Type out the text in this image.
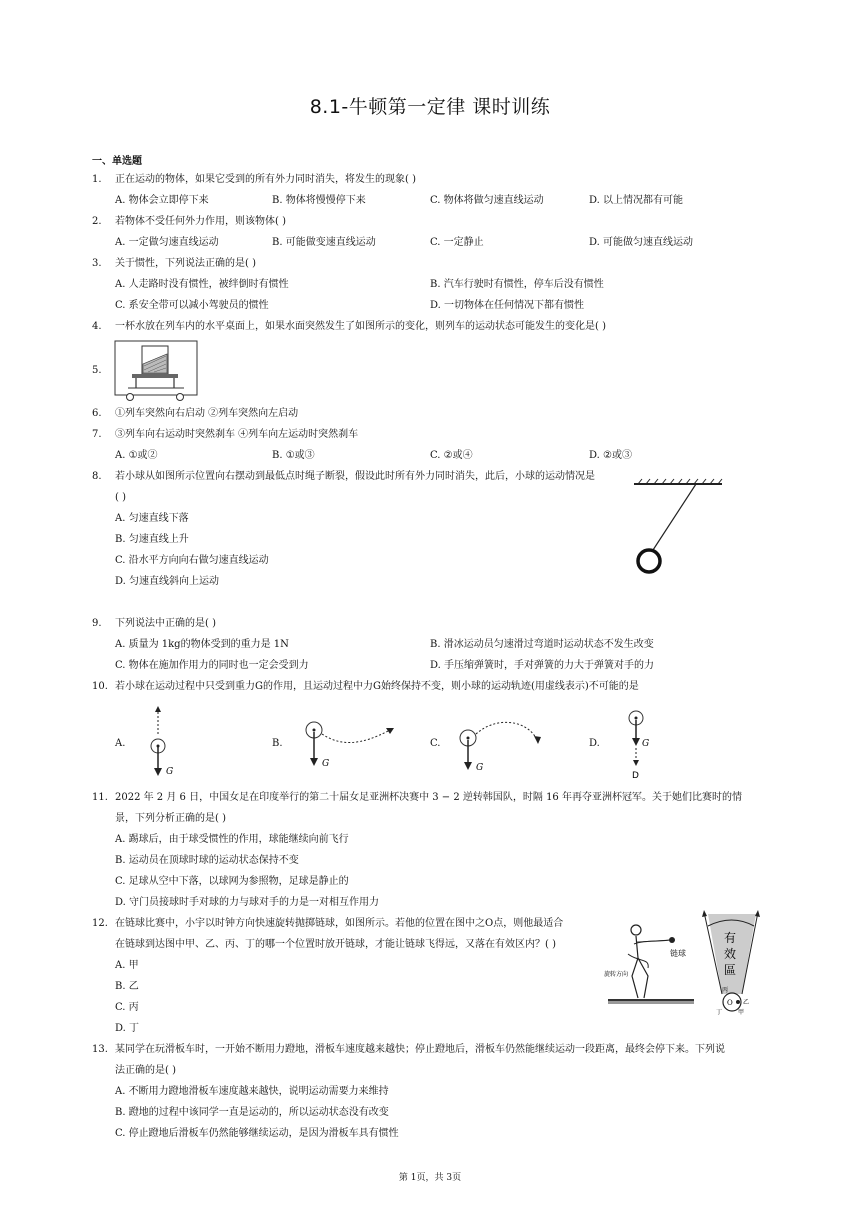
8.1-牛顿第一定律 课时训练
一、单选题
1. 正在运动的物体，如果它受到的所有外力同时消失，将发生的现象( )
A. 物体会立即停下来	B. 物体将慢慢停下来	C. 物体将做匀速直线运动	D. 以上情况都有可能
2. 若物体不受任何外力作用，则该物体( )
A. 一定做匀速直线运动	B. 可能做变速直线运动	C. 一定静止	D. 可能做匀速直线运动
3. 关于惯性，下列说法正确的是( )
A. 人走路时没有惯性，被绊倒时有惯性	B. 汽车行驶时有惯性，停车后没有惯性
C. 系安全带可以减小驾驶员的惯性	D. 一切物体在任何情况下都有惯性
4. 一杯水放在列车内的水平桌面上，如果水面突然发生了如图所示的变化，则列车的运动状态可能发生的变化是( )
5.
6. ①列车突然向右启动 ②列车突然向左启动
7. ③列车向右运动时突然刹车 ④列车向左运动时突然刹车
A. ①或②	B. ①或③	C. ②或④	D. ②或③
8. 若小球从如图所示位置向右摆动到最低点时绳子断裂，假设此时所有外力同时消失，此后，小球的运动情况是
( )
A. 匀速直线下落
B. 匀速直线上升
C. 沿水平方向向右做匀速直线运动
D. 匀速直线斜向上运动
9. 下列说法中正确的是( )
A. 质量为 1kg的物体受到的重力是 1N	B. 滑冰运动员匀速滑过弯道时运动状态不发生改变
C. 物体在施加作用力的同时也一定会受到力	D. 手压缩弹簧时，手对弹簧的力大于弹簧对手的力
10. 若小球在运动过程中只受到重力G的作用，且运动过程中力G始终保持不变，则小球的运动轨迹(用虚线表示)不可能的是
A.	B.	C.	D.
G
G	G
G
D
11. 2022 年 2 月 6 日，中国女足在印度举行的第二十届女足亚洲杯决赛中 3 − 2 逆转韩国队，时隔 16 年再夺亚洲杯冠军。关于她们比赛时的情
景，下列分析正确的是( )
A. 踢球后，由于球受惯性的作用，球能继续向前飞行
B. 运动员在顶球时球的运动状态保持不变
C. 足球从空中下落，以球网为参照物，足球是静止的
D. 守门员接球时手对球的力与球对手的力是一对相互作用力
12. 在链球比赛中，小宇以时钟方向快速旋转抛掷链球，如图所示。若他的位置在图中之O点，则他最适合
在链球到达图中甲、乙、丙、丁的哪一个位置时放开链球，才能让链球飞得远，又落在有效区内？( )
A. 甲
B. 乙
C. 丙
D. 丁
链球
旋转方向
有
效
區
O
丙
乙
丁	甲
13. 某同学在玩滑板车时，一开始不断用力蹬地，滑板车速度越来越快；停止蹬地后，滑板车仍然能继续运动一段距离，最终会停下来。下列说
法正确的是( )
A. 不断用力蹬地滑板车速度越来越快，说明运动需要力来维持
B. 蹬地的过程中该同学一直是运动的，所以运动状态没有改变
C. 停止蹬地后滑板车仍然能够继续运动，是因为滑板车具有惯性
第 1页，共 3页
